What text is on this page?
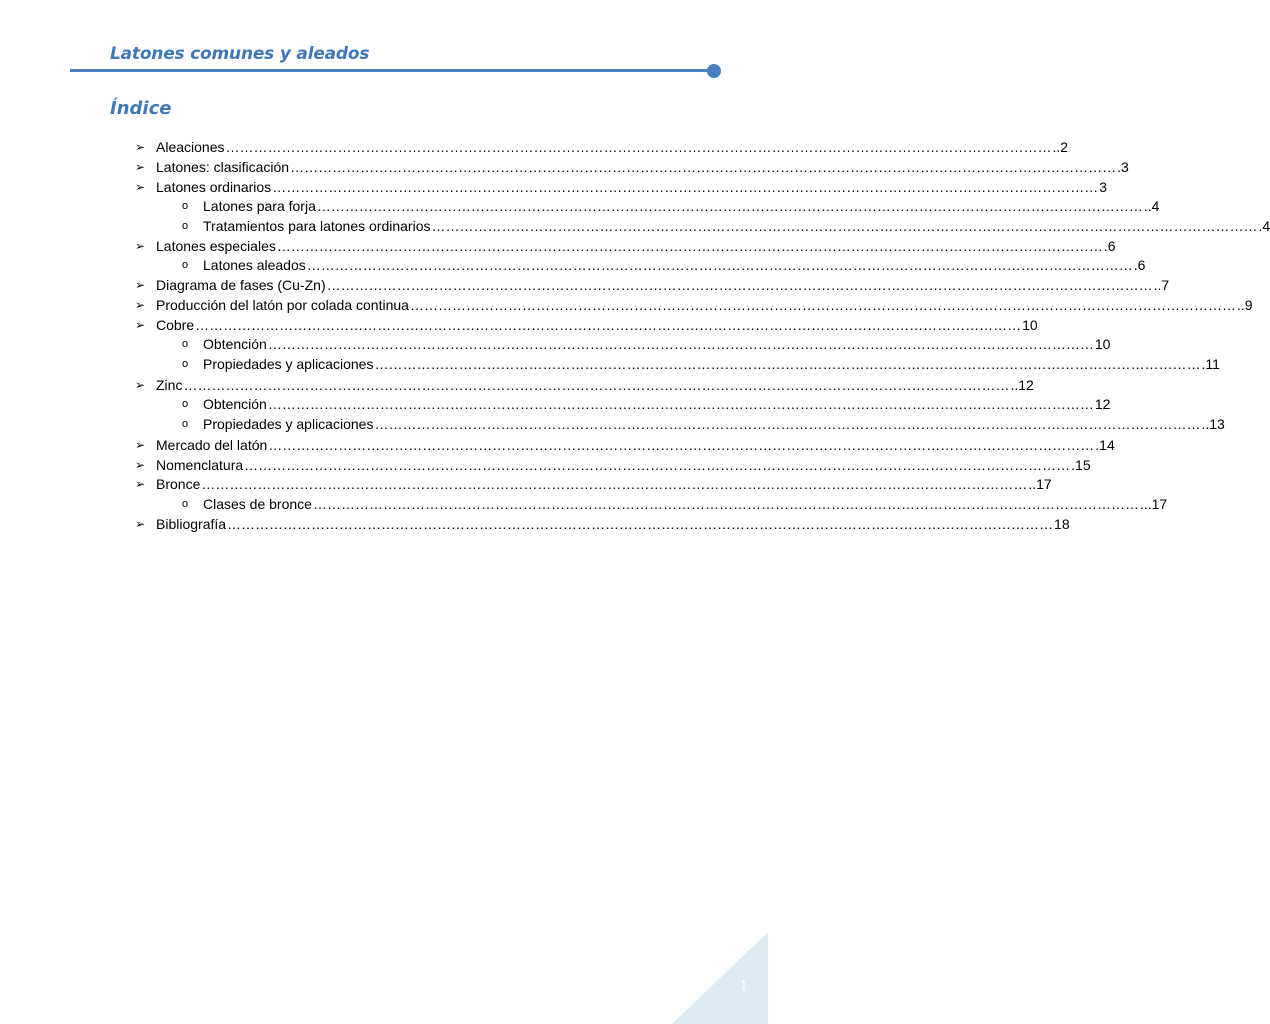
Latones comunes y aleados
Índice
➢ Aleaciones ……………………………………………………………………………………………………………………………………………………………	..2
➢ Latones: clasificación ……………………………………………………………………………………………………………………………………………………………	.3
➢ Latones ordinarios ……………………………………………………………………………………………………………………………………………………………	3
o Latones para forja ……………………………………………………………………………………………………………………………………………………………	..4
o Tratamientos para latones ordinarios ……………………………………………………………………………………………………………………………………………………………	.4
➢ Latones especiales ……………………………………………………………………………………………………………………………………………………………	.6
o Latones aleados ……………………………………………………………………………………………………………………………………………………………	.6
➢ Diagrama de fases (Cu-Zn) ……………………………………………………………………………………………………………………………………………………………	..7
➢ Producción del latón por colada continua ……………………………………………………………………………………………………………………………………………………………	..9
➢ Cobre ……………………………………………………………………………………………………………………………………………………………	10
o Obtención ……………………………………………………………………………………………………………………………………………………………	10
o Propiedades y aplicaciones ……………………………………………………………………………………………………………………………………………………………	.11
➢ Zinc ……………………………………………………………………………………………………………………………………………………………	..12
o Obtención ……………………………………………………………………………………………………………………………………………………………	12
o Propiedades y aplicaciones ……………………………………………………………………………………………………………………………………………………………	..13
➢ Mercado del latón ……………………………………………………………………………………………………………………………………………………………	.14
➢ Nomenclatura ……………………………………………………………………………………………………………………………………………………………	.15
➢ Bronce ……………………………………………………………………………………………………………………………………………………………	..17
o Clases de bronce ……………………………………………………………………………………………………………………………………………………………	...17
➢ Bibliografía ……………………………………………………………………………………………………………………………………………………………	18
1
